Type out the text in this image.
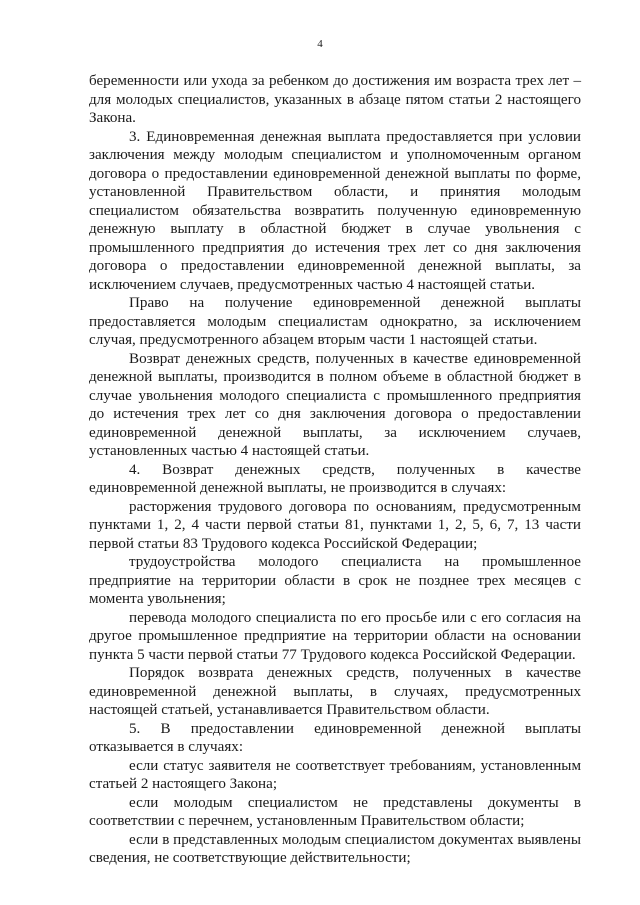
4

беременности или ухода за ребенком до достижения им возраста трех лет – для молодых специалистов, указанных в абзаце пятом статьи 2 настоящего Закона.

3. Единовременная денежная выплата предоставляется при условии заключения между молодым специалистом и уполномоченным органом договора о предоставлении единовременной денежной выплаты по форме, установленной Правительством области, и принятия молодым специалистом обязательства возвратить полученную единовременную денежную выплату в областной бюджет в случае увольнения с промышленного предприятия до истечения трех лет со дня заключения договора о предоставлении единовременной денежной выплаты, за исключением случаев, предусмотренных частью 4 настоящей статьи.

Право на получение единовременной денежной выплаты предоставляется молодым специалистам однократно, за исключением случая, предусмотренного абзацем вторым части 1 настоящей статьи.

Возврат денежных средств, полученных в качестве единовременной денежной выплаты, производится в полном объеме в областной бюджет в случае увольнения молодого специалиста с промышленного предприятия до истечения трех лет со дня заключения договора о предоставлении единовременной денежной выплаты, за исключением случаев, установленных частью 4 настоящей статьи.

4. Возврат денежных средств, полученных в качестве единовременной денежной выплаты, не производится в случаях:

расторжения трудового договора по основаниям, предусмотренным пунктами 1, 2, 4 части первой статьи 81, пунктами 1, 2, 5, 6, 7, 13 части первой статьи 83 Трудового кодекса Российской Федерации;

трудоустройства молодого специалиста на промышленное предприятие на территории области в срок не позднее трех месяцев с момента увольнения;

перевода молодого специалиста по его просьбе или с его согласия на другое промышленное предприятие на территории области на основании пункта 5 части первой статьи 77 Трудового кодекса Российской Федерации.

Порядок возврата денежных средств, полученных в качестве единовременной денежной выплаты, в случаях, предусмотренных настоящей статьей, устанавливается Правительством области.

5. В предоставлении единовременной денежной выплаты отказывается в случаях:

если статус заявителя не соответствует требованиям, установленным статьей 2 настоящего Закона;

если молодым специалистом не представлены документы в соответствии с перечнем, установленным Правительством области;

если в представленных молодым специалистом документах выявлены сведения, не соответствующие действительности;
